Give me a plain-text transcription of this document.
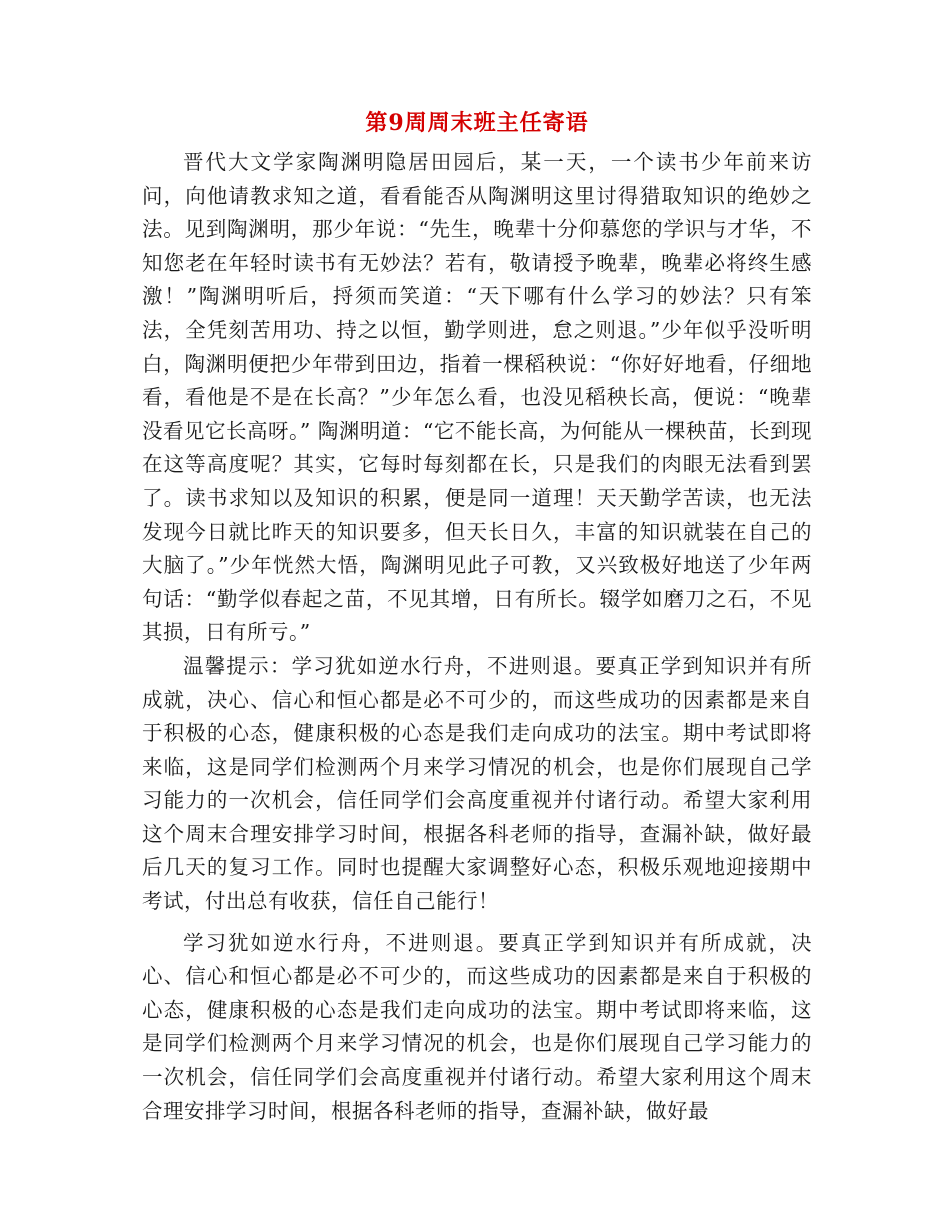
第9周周末班主任寄语

晋代大文学家陶渊明隐居田园后，某一天，一个读书少年前来访问，向他请教求知之道，看看能否从陶渊明这里讨得猎取知识的绝妙之法。见到陶渊明，那少年说：“先生，晚辈十分仰慕您的学识与才华，不知您老在年轻时读书有无妙法？若有，敬请授予晚辈，晚辈必将终生感激！”陶渊明听后，捋须而笑道：“天下哪有什么学习的妙法？只有笨法，全凭刻苦用功、持之以恒，勤学则进，怠之则退。”少年似乎没听明白，陶渊明便把少年带到田边，指着一棵稻秧说：“你好好地看，仔细地看，看他是不是在长高？”少年怎么看，也没见稻秧长高，便说：“晚辈没看见它长高呀。” 陶渊明道：“它不能长高，为何能从一棵秧苗，长到现在这等高度呢？其实，它每时每刻都在长，只是我们的肉眼无法看到罢了。读书求知以及知识的积累，便是同一道理！天天勤学苦读，也无法发现今日就比昨天的知识要多，但天长日久，丰富的知识就装在自己的大脑了。”少年恍然大悟，陶渊明见此子可教，又兴致极好地送了少年两句话：“勤学似春起之苗，不见其增，日有所长。辍学如磨刀之石，不见其损，日有所亏。”

温馨提示：学习犹如逆水行舟，不进则退。要真正学到知识并有所成就，决心、信心和恒心都是必不可少的，而这些成功的因素都是来自于积极的心态，健康积极的心态是我们走向成功的法宝。期中考试即将来临，这是同学们检测两个月来学习情况的机会，也是你们展现自己学习能力的一次机会，信任同学们会高度重视并付诸行动。希望大家利用这个周末合理安排学习时间，根据各科老师的指导，查漏补缺，做好最后几天的复习工作。同时也提醒大家调整好心态，积极乐观地迎接期中考试，付出总有收获，信任自己能行！

学习犹如逆水行舟，不进则退。要真正学到知识并有所成就，决心、信心和恒心都是必不可少的，而这些成功的因素都是来自于积极的心态，健康积极的心态是我们走向成功的法宝。期中考试即将来临，这是同学们检测两个月来学习情况的机会，也是你们展现自己学习能力的一次机会，信任同学们会高度重视并付诸行动。希望大家利用这个周末合理安排学习时间，根据各科老师的指导，查漏补缺，做好最
